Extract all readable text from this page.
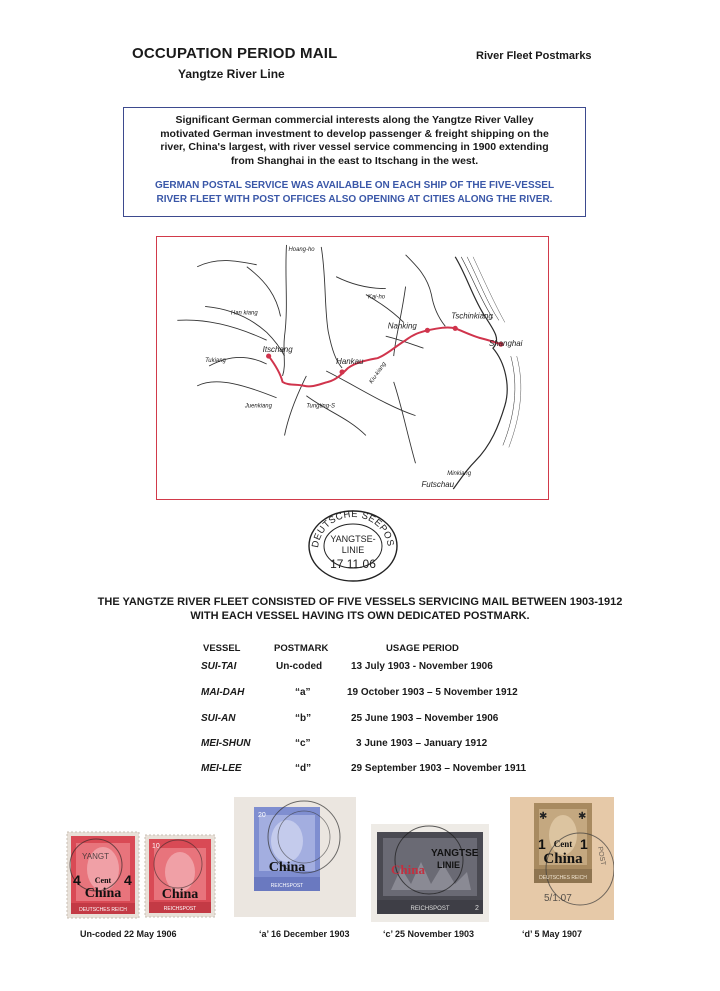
OCCUPATION PERIOD MAIL
Yangtze River Line
River Fleet Postmarks
Significant German commercial interests along the Yangtze River Valley
motivated German investment to develop passenger & freight shipping on the
river, China's largest, with river vessel service commencing in 1900 extending
from Shanghai in the east to Itschang in the west.
GERMAN POSTAL SERVICE WAS AVAILABLE ON EACH SHIP OF THE FIVE-VESSEL
RIVER FLEET WITH POST OFFICES ALSO OPENING AT CITIES ALONG THE RIVER.
Hoang-ho
Kai-ho
Han kiang
Nanking
Tschinkiang
Shanghai
Tukiang
Itschang
Hankau Kiu-kiang
Juenkiang	Tungting-S
Minkiang
Futschau
DEUTSCHE SEEPOS
YANGTSE-
LINIE
17 11.06
THE YANGTZE RIVER FLEET CONSISTED OF FIVE VESSELS SERVICING MAIL BETWEEN 1903-1912
WITH EACH VESSEL HAVING ITS OWN DEDICATED POSTMARK.
VESSEL	POSTMARK	USAGE PERIOD
SUI-TAI	Un-coded	13 July 1903 - November 1906
MAI-DAH	“a”	19 October 1903 – 5 November 1912
SUI-AN	“b”	25 June 1903 – November 1906
MEI-SHUN	“c”	3 June 1903 – January 1912
MEI-LEE	“d”	29 September 1903 – November 1911
4	4
Cent
China
DEUTSCHES REICH
YANGT
10
China
REICHSPOST
20
China
REICHSPOST
China
YANGTSE
LINIE
REICHSPOST	2
✱	✱
1 1
Cent
China
DEUTSCHES REICH
5/1.07
POST
Un-coded 22 May 1906	‘a’ 16 December 1903	‘c’ 25 November 1903	‘d’ 5 May 1907
